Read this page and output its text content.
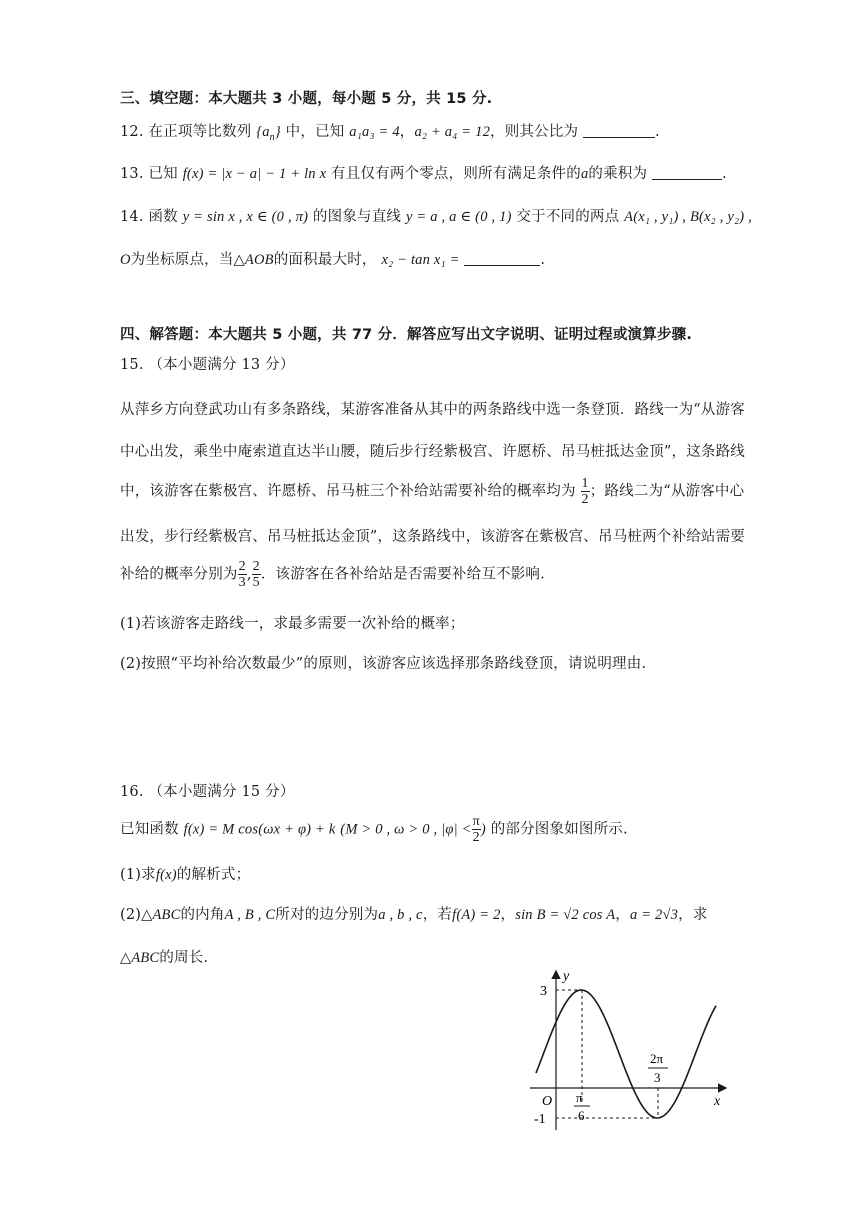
三、填空题：本大题共 3 小题，每小题 5 分，共 15 分.
12. 在正项等比数列 $\{a_n\}$ 中，已知 a₁a₃ = 4，a₂ + a₄ = 12，则其公比为	.
13. 已知 f(x) = |x − a| − 1 + ln x 有且仅有两个零点，则所有满足条件的a的乘积为	.
14. 函数 y = sin x , x ∈ (0 , π) 的图象与直线 y = a , a ∈ (0 , 1) 交于不同的两点 A(x₁ , y₁) , B(x₂ , y₂) ,
O为坐标原点，当△AOB的面积最大时， x₂ − tan x₁ =	.
四、解答题：本大题共 5 小题，共 77 分．解答应写出文字说明、证明过程或演算步骤.
15. （本小题满分 13 分）
从萍乡方向登武功山有多条路线，某游客准备从其中的两条路线中选一条登顶．路线一为“从游客
中心出发，乘坐中庵索道直达半山腰，随后步行经紫极宫、许愿桥、吊马桩抵达金顶”，这条路线
中，该游客在紫极宫、许愿桥、吊马桩三个补给站需要补给的概率均为 $\frac{1}{2}$ ；路线二为“从游客中心
出发，步行经紫极宫、吊马桩抵达金顶”，这条路线中，该游客在紫极宫、吊马桩两个补给站需要
补给的概率分别为 $\frac{2}{3}$ , $\frac{2}{5}$ ．该游客在各补给站是否需要补给互不影响.
(1)若该游客走路线一，求最多需要一次补给的概率；
(2)按照“平均补给次数最少”的原则，该游客应该选择那条路线登顶，请说明理由.
16. （本小题满分 15 分）
已知函数 f(x) = M cos(ωx + φ) + k (M > 0 , ω > 0 , $|\varphi| < \frac{\pi}{2}$ ) 的部分图象如图所示.
(1)求f(x)的解析式；
(2)△ABC的内角A , B , C所对的边分别为a , b , c，若f(A) = 2，sin B = √2 cos A，a = 2√3，求
△ABC的周长.
y
x
O
3
-1
π
6
2π
3
